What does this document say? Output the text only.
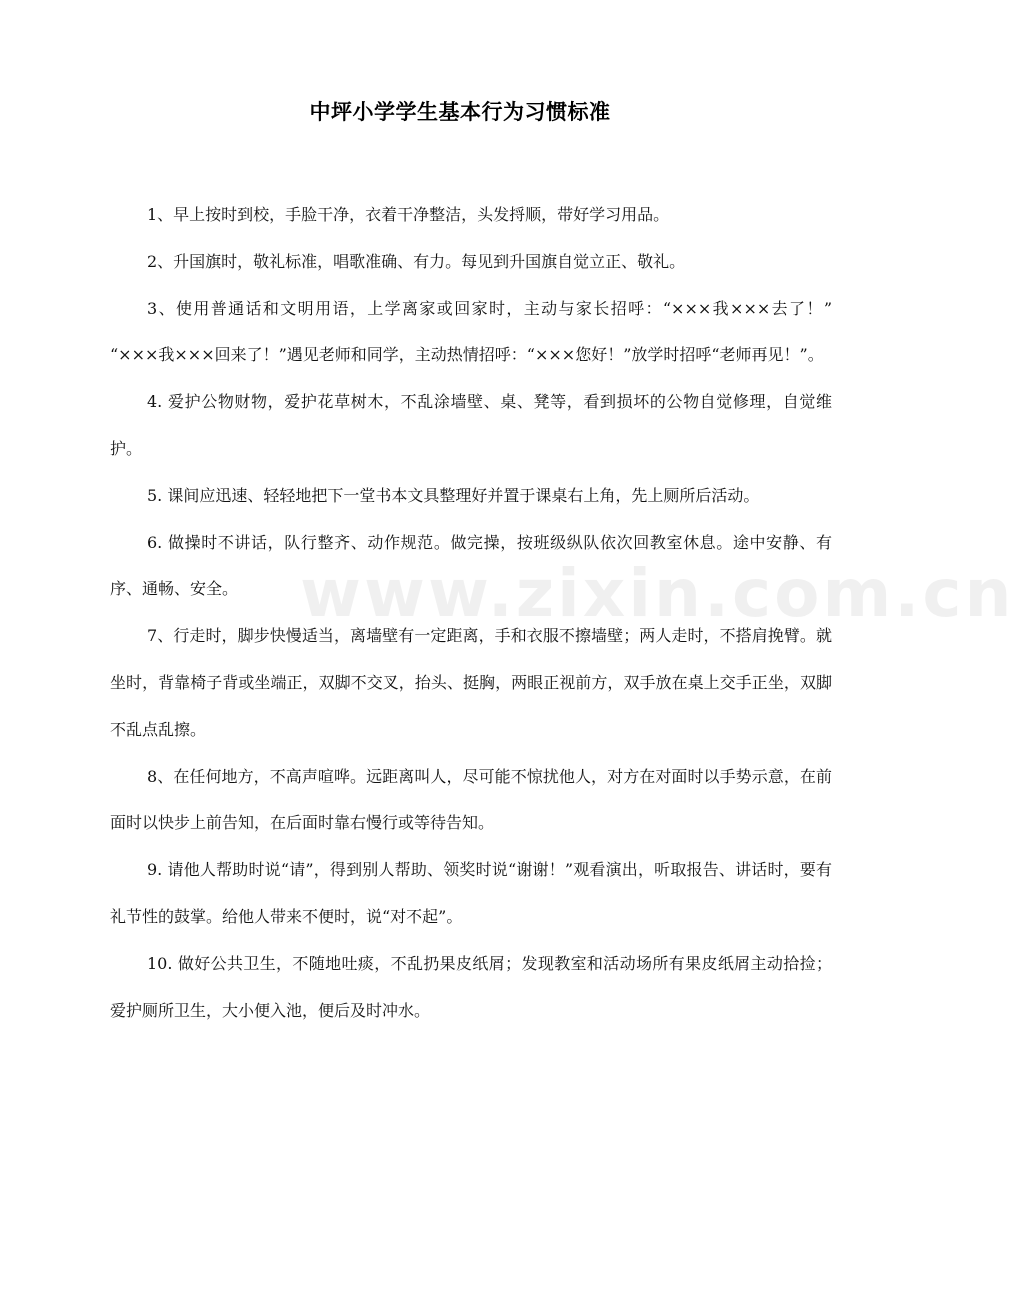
中坪小学学生基本行为习惯标准
www.zixin.com.cn

1、早上按时到校，手脸干净，衣着干净整洁，头发捋顺，带好学习用品。

2、升国旗时，敬礼标准，唱歌准确、有力。每见到升国旗自觉立正、敬礼。

3、使用普通话和文明用语，上学离家或回家时，主动与家长招呼：“×××我×××去了！” “×××我×××回来了！”遇见老师和同学，主动热情招呼：“×××您好！”放学时招呼“老师再见！”。

4. 爱护公物财物，爱护花草树木，不乱涂墙壁、桌、凳等，看到损坏的公物自觉修理，自觉维护。

5. 课间应迅速、轻轻地把下一堂书本文具整理好并置于课桌右上角，先上厕所后活动。

6. 做操时不讲话，队行整齐、动作规范。做完操，按班级纵队依次回教室休息。途中安静、有序、通畅、安全。

7、行走时，脚步快慢适当，离墙壁有一定距离，手和衣服不擦墙壁；两人走时，不搭肩挽臂。就坐时，背靠椅子背或坐端正，双脚不交叉，抬头、挺胸，两眼正视前方，双手放在桌上交手正坐，双脚不乱点乱擦。

8、在任何地方，不高声喧哗。远距离叫人，尽可能不惊扰他人，对方在对面时以手势示意，在前面时以快步上前告知，在后面时靠右慢行或等待告知。

9. 请他人帮助时说“请”，得到别人帮助、领奖时说“谢谢！”观看演出，听取报告、讲话时，要有礼节性的鼓掌。给他人带来不便时，说“对不起”。

10. 做好公共卫生，不随地吐痰，不乱扔果皮纸屑；发现教室和活动场所有果皮纸屑主动拾捡；爱护厕所卫生，大小便入池，便后及时冲水。
